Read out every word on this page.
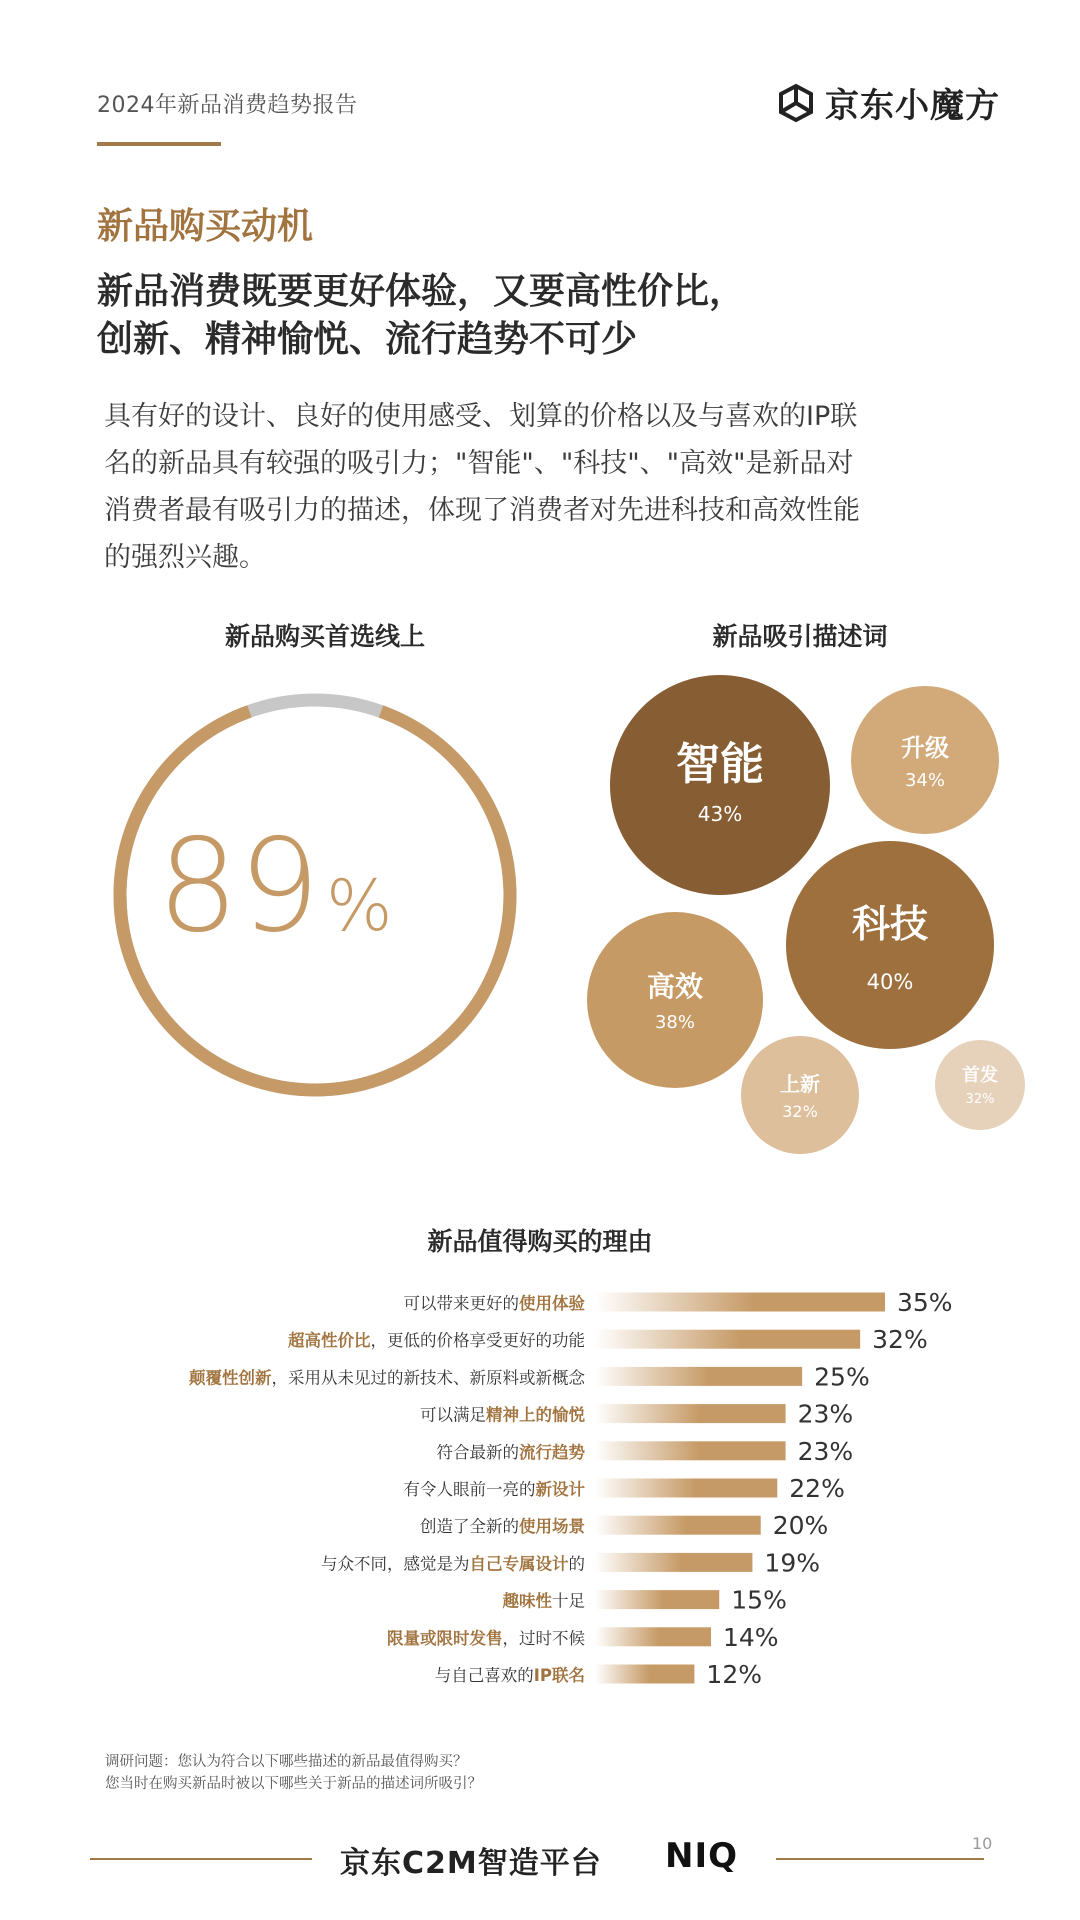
2024年新品消费趋势报告	京东小魔方
新品购买动机
新品消费既要更好体验，又要高性价比，
创新、精神愉悦、流行趋势不可少
具有好的设计、良好的使用感受、划算的价格以及与喜欢的IP联
名的新品具有较强的吸引力；"智能"、"科技"、"高效"是新品对
消费者最有吸引力的描述，体现了消费者对先进科技和高效性能
的强烈兴趣。
新品购买首选线上
89 %
新品吸引描述词
智能
43%
升级
34%
科技
40%
高效
38%
上新
32%
首发
32%
新品值得购买的理由
可以带来更好的使用体验	35%
超高性价比，更低的价格享受更好的功能	32%
颠覆性创新，采用从未见过的新技术、新原料或新概念	25%
可以满足精神上的愉悦	23%
符合最新的流行趋势	23%
有令人眼前一亮的新设计	22%
创造了全新的使用场景	20%
与众不同，感觉是为自己专属设计的	19%
趣味性十足	15%
限量或限时发售，过时不候	14%
与自己喜欢的IP联名	12%
调研问题：您认为符合以下哪些描述的新品最值得购买？
您当时在购买新品时被以下哪些关于新品的描述词所吸引？
京东C2M智造平台 NIQ	10
